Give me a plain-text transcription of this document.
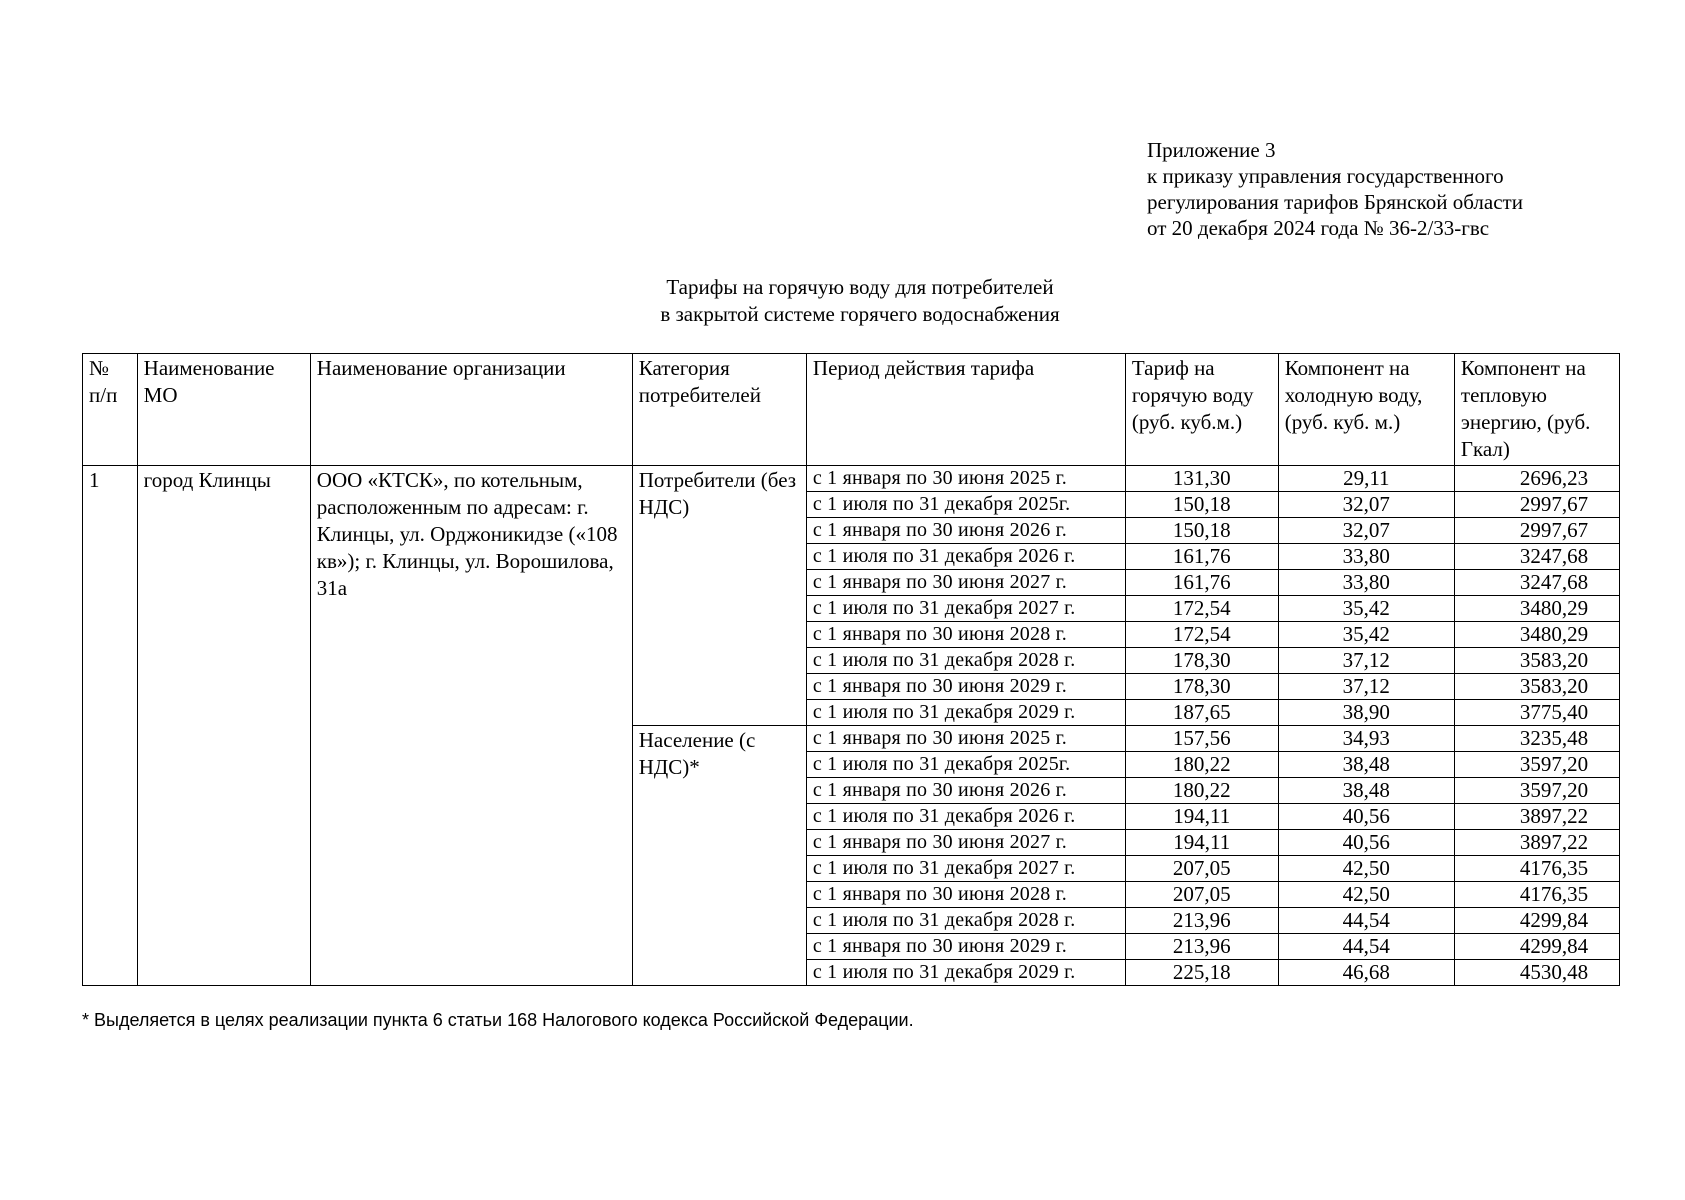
Приложение 3
к приказу управления государственного
регулирования тарифов Брянской области
от 20 декабря 2024 года № 36-2/33-гвс
Тарифы на горячую воду для потребителей
в закрытой системе горячего водоснабжения
№ п/п	Наименование МО	Наименование организации	Категория потребителей	Период действия тарифа	Тариф на горячую воду (руб. куб.м.)	Компонент на холодную воду, (руб. куб. м.)	Компонент на тепловую энергию, (руб. Гкал)
1	город Клинцы	ООО «КТСК», по котельным, расположенным по адресам: г. Клинцы, ул. Орджоникидзе («108 кв»); г. Клинцы, ул. Ворошилова, 31а	Потребители (без НДС)	с 1 января по 30 июня 2025 г.	131,30	29,11	2696,23
				с 1 июля по 31 декабря 2025г.	150,18	32,07	2997,67
				с 1 января по 30 июня 2026 г.	150,18	32,07	2997,67
				с 1 июля по 31 декабря 2026 г.	161,76	33,80	3247,68
				с 1 января по 30 июня 2027 г.	161,76	33,80	3247,68
				с 1 июля по 31 декабря 2027 г.	172,54	35,42	3480,29
				с 1 января по 30 июня 2028 г.	172,54	35,42	3480,29
				с 1 июля по 31 декабря 2028 г.	178,30	37,12	3583,20
				с 1 января по 30 июня 2029 г.	178,30	37,12	3583,20
				с 1 июля по 31 декабря 2029 г.	187,65	38,90	3775,40
			Население (с НДС)*	с 1 января по 30 июня 2025 г.	157,56	34,93	3235,48
				с 1 июля по 31 декабря 2025г.	180,22	38,48	3597,20
				с 1 января по 30 июня 2026 г.	180,22	38,48	3597,20
				с 1 июля по 31 декабря 2026 г.	194,11	40,56	3897,22
				с 1 января по 30 июня 2027 г.	194,11	40,56	3897,22
				с 1 июля по 31 декабря 2027 г.	207,05	42,50	4176,35
				с 1 января по 30 июня 2028 г.	207,05	42,50	4176,35
				с 1 июля по 31 декабря 2028 г.	213,96	44,54	4299,84
				с 1 января по 30 июня 2029 г.	213,96	44,54	4299,84
				с 1 июля по 31 декабря 2029 г.	225,18	46,68	4530,48
* Выделяется в целях реализации пункта 6 статьи 168 Налогового кодекса Российской Федерации.
